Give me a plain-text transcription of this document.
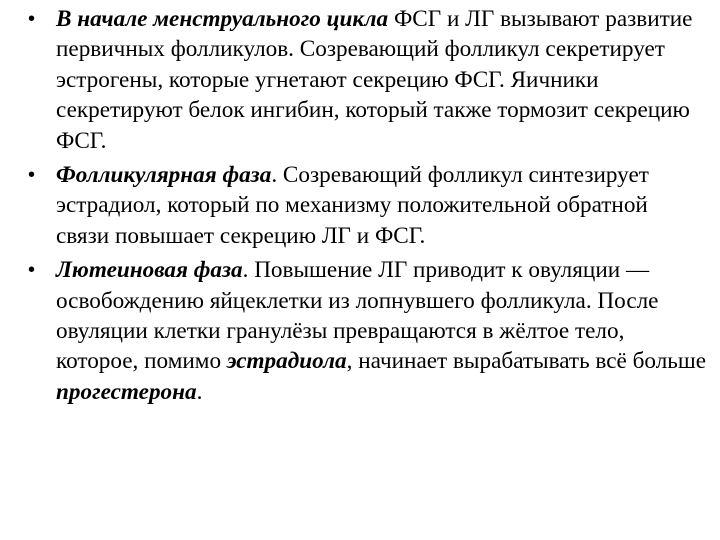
• В начале менструального цикла ФСГ и ЛГ вызывают развитие первичных фолликулов. Созревающий фолликул секретирует эстрогены, которые угнетают секрецию ФСГ. Яичники секретируют белок ингибин, который также тормозит секрецию ФСГ.
• Фолликулярная фаза. Созревающий фолликул синтезирует эстрадиол, который по механизму положительной обратной связи повышает секрецию ЛГ и ФСГ.
• Лютеиновая фаза. Повышение ЛГ приводит к овуляции — освобождению яйцеклетки из лопнувшего фолликула. После овуляции клетки гранулёзы превращаются в жёлтое тело, которое, помимо эстрадиола, начинает вырабатывать всё больше прогестерона.
